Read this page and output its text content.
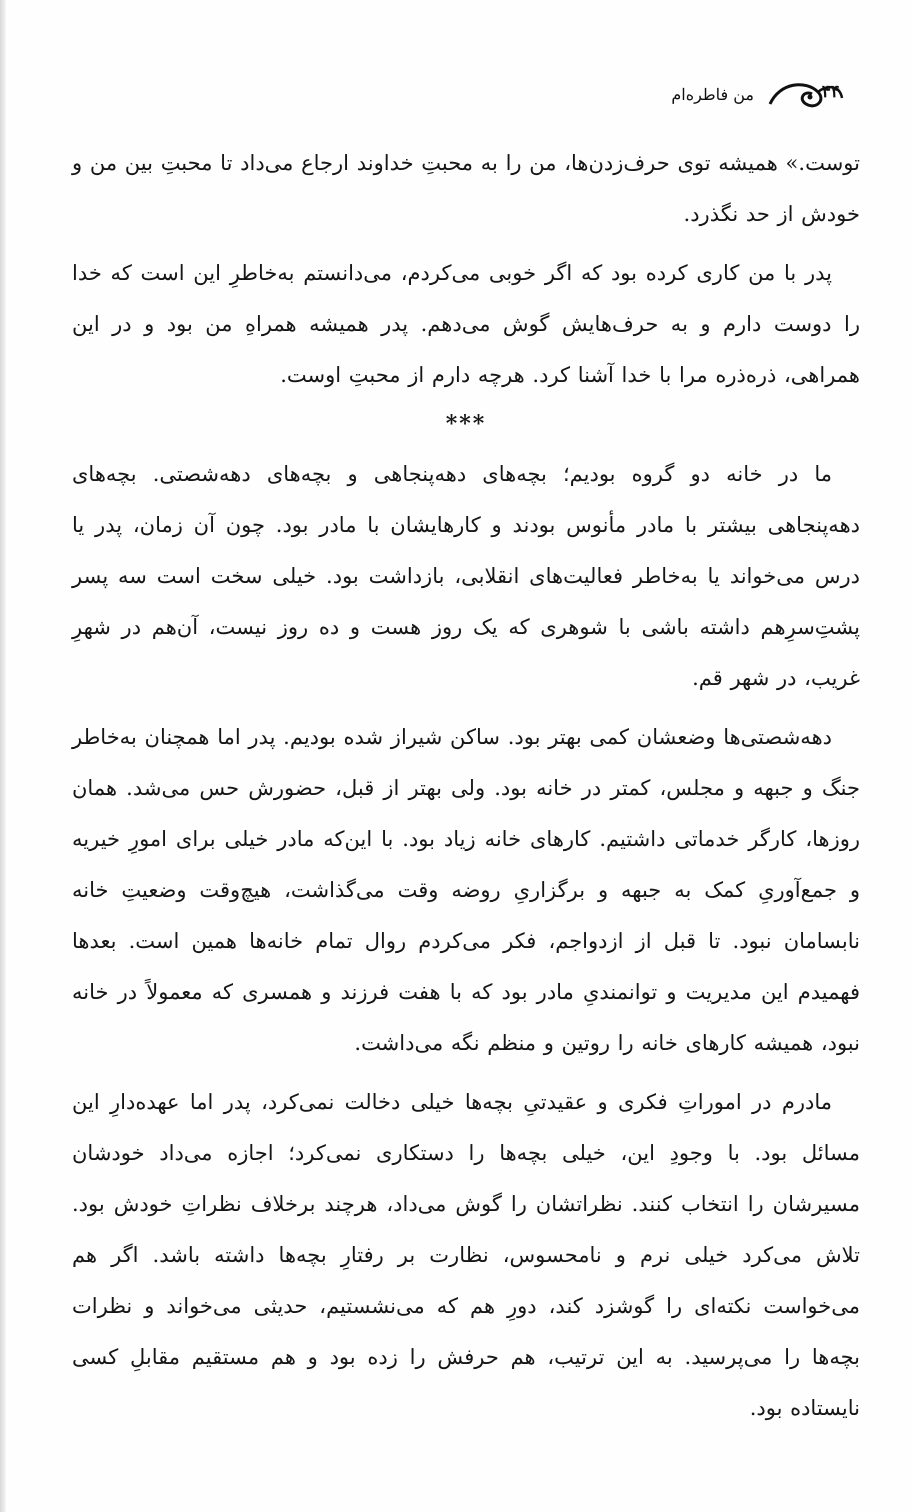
۴۴
من فاطره‌ام

توست.» همیشه توی حرف‌زدن‌ها، من را به محبتِ خداوند ارجاع می‌داد تا محبتِ بین من و خودش از حد نگذرد.

پدر با من کاری کرده بود که اگر خوبی می‌کردم، می‌دانستم به‌خاطرِ این است که خدا را دوست دارم و به حرف‌هایش گوش می‌دهم. پدر همیشه همراهِ من بود و در این همراهی، ذره‌ذره مرا با خدا آشنا کرد. هرچه دارم از محبتِ اوست.

***

ما در خانه دو گروه بودیم؛ بچه‌های دهه‌پنجاهی و بچه‌های دهه‌شصتی. بچه‌های دهه‌پنجاهی بیشتر با مادر مأنوس بودند و کارهایشان با مادر بود. چون آن زمان، پدر یا درس می‌خواند یا به‌خاطر فعالیت‌های انقلابی، بازداشت بود. خیلی سخت است سه پسر پشتِ‌سرِهم داشته باشی با شوهری که یک روز هست و ده روز نیست، آن‌هم در شهرِ غریب، در شهر قم.

دهه‌شصتی‌ها وضعشان کمی بهتر بود. ساکن شیراز شده بودیم. پدر اما همچنان به‌خاطر جنگ و جبهه و مجلس، کمتر در خانه بود. ولی بهتر از قبل، حضورش حس می‌شد. همان روزها، کارگر خدماتی داشتیم. کارهای خانه زیاد بود. با این‌که مادر خیلی برای امورِ خیریه و جمع‌آوریِ کمک به جبهه و برگزاریِ روضه وقت می‌گذاشت، هیچ‌وقت وضعیتِ خانه نابسامان نبود. تا قبل از ازدواجم، فکر می‌کردم روال تمام خانه‌ها همین است. بعدها فهمیدم این مدیریت و توانمندیِ مادر بود که با هفت فرزند و همسری که معمولاً در خانه نبود، همیشه کارهای خانه را روتین و منظم نگه می‌داشت.

مادرم در اموراتِ فکری و عقیدتیِ بچه‌ها خیلی دخالت نمی‌کرد، پدر اما عهده‌دارِ این مسائل بود. با وجودِ این، خیلی بچه‌ها را دستکاری نمی‌کرد؛ اجازه می‌داد خودشان مسیرشان را انتخاب کنند. نظراتشان را گوش می‌داد، هرچند برخلاف نظراتِ خودش بود. تلاش می‌کرد خیلی نرم و نامحسوس، نظارت بر رفتارِ بچه‌ها داشته باشد. اگر هم می‌خواست نکته‌ای را گوشزد کند، دورِ هم که می‌نشستیم، حدیثی می‌خواند و نظرات بچه‌ها را می‌پرسید. به این ترتیب، هم حرفش را زده بود و هم مستقیم مقابلِ کسی نایستاده بود.
